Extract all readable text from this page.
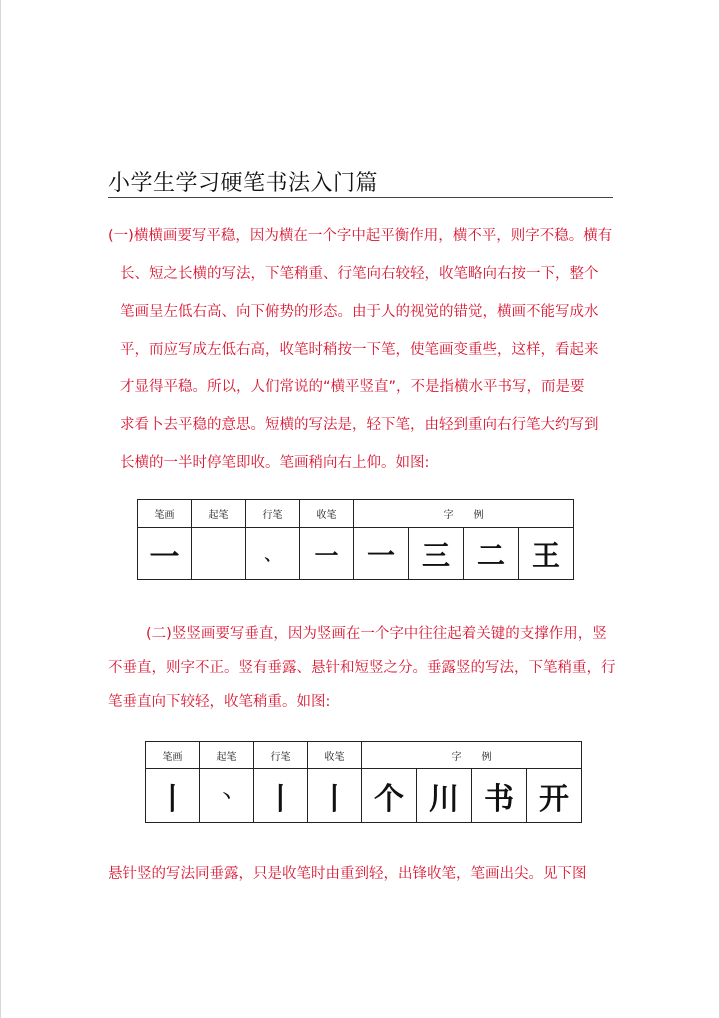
小学生学习硬笔书法入门篇
(一)横横画要写平稳，因为横在一个字中起平衡作用，横不平，则字不稳。横有
长、短之长横的写法，下笔稍重、行笔向右较轻，收笔略向右按一下，整个
笔画呈左低右高、向下俯势的形态。由于人的视觉的错觉，横画不能写成水
平，而应写成左低右高，收笔时稍按一下笔，使笔画变重些，这样，看起来
才显得平稳。所以，人们常说的“横平竖直”，不是指横水平书写，而是要
求看卜去平稳的意思。短横的写法是，轻下笔，由轻到重向右行笔大约写到
长横的一半时停笔即收。笔画稍向右上仰。如图:
笔画	起笔	行笔	收笔	字　　例			
一		、	一	一	三	二	王
(二)竖竖画要写垂直，因为竖画在一个字中往往起着关键的支撑作用，竖
不垂直，则字不正。竖有垂露、悬针和短竖之分。垂露竖的写法，下笔稍重，行
笔垂直向下较轻，收笔稍重。如图:
笔画	起笔	行笔	收笔	字　　例			
丨	丶	丨	丨	个	川	书	开
悬针竖的写法同垂露，只是收笔时由重到轻，出锋收笔，笔画出尖。见下图
